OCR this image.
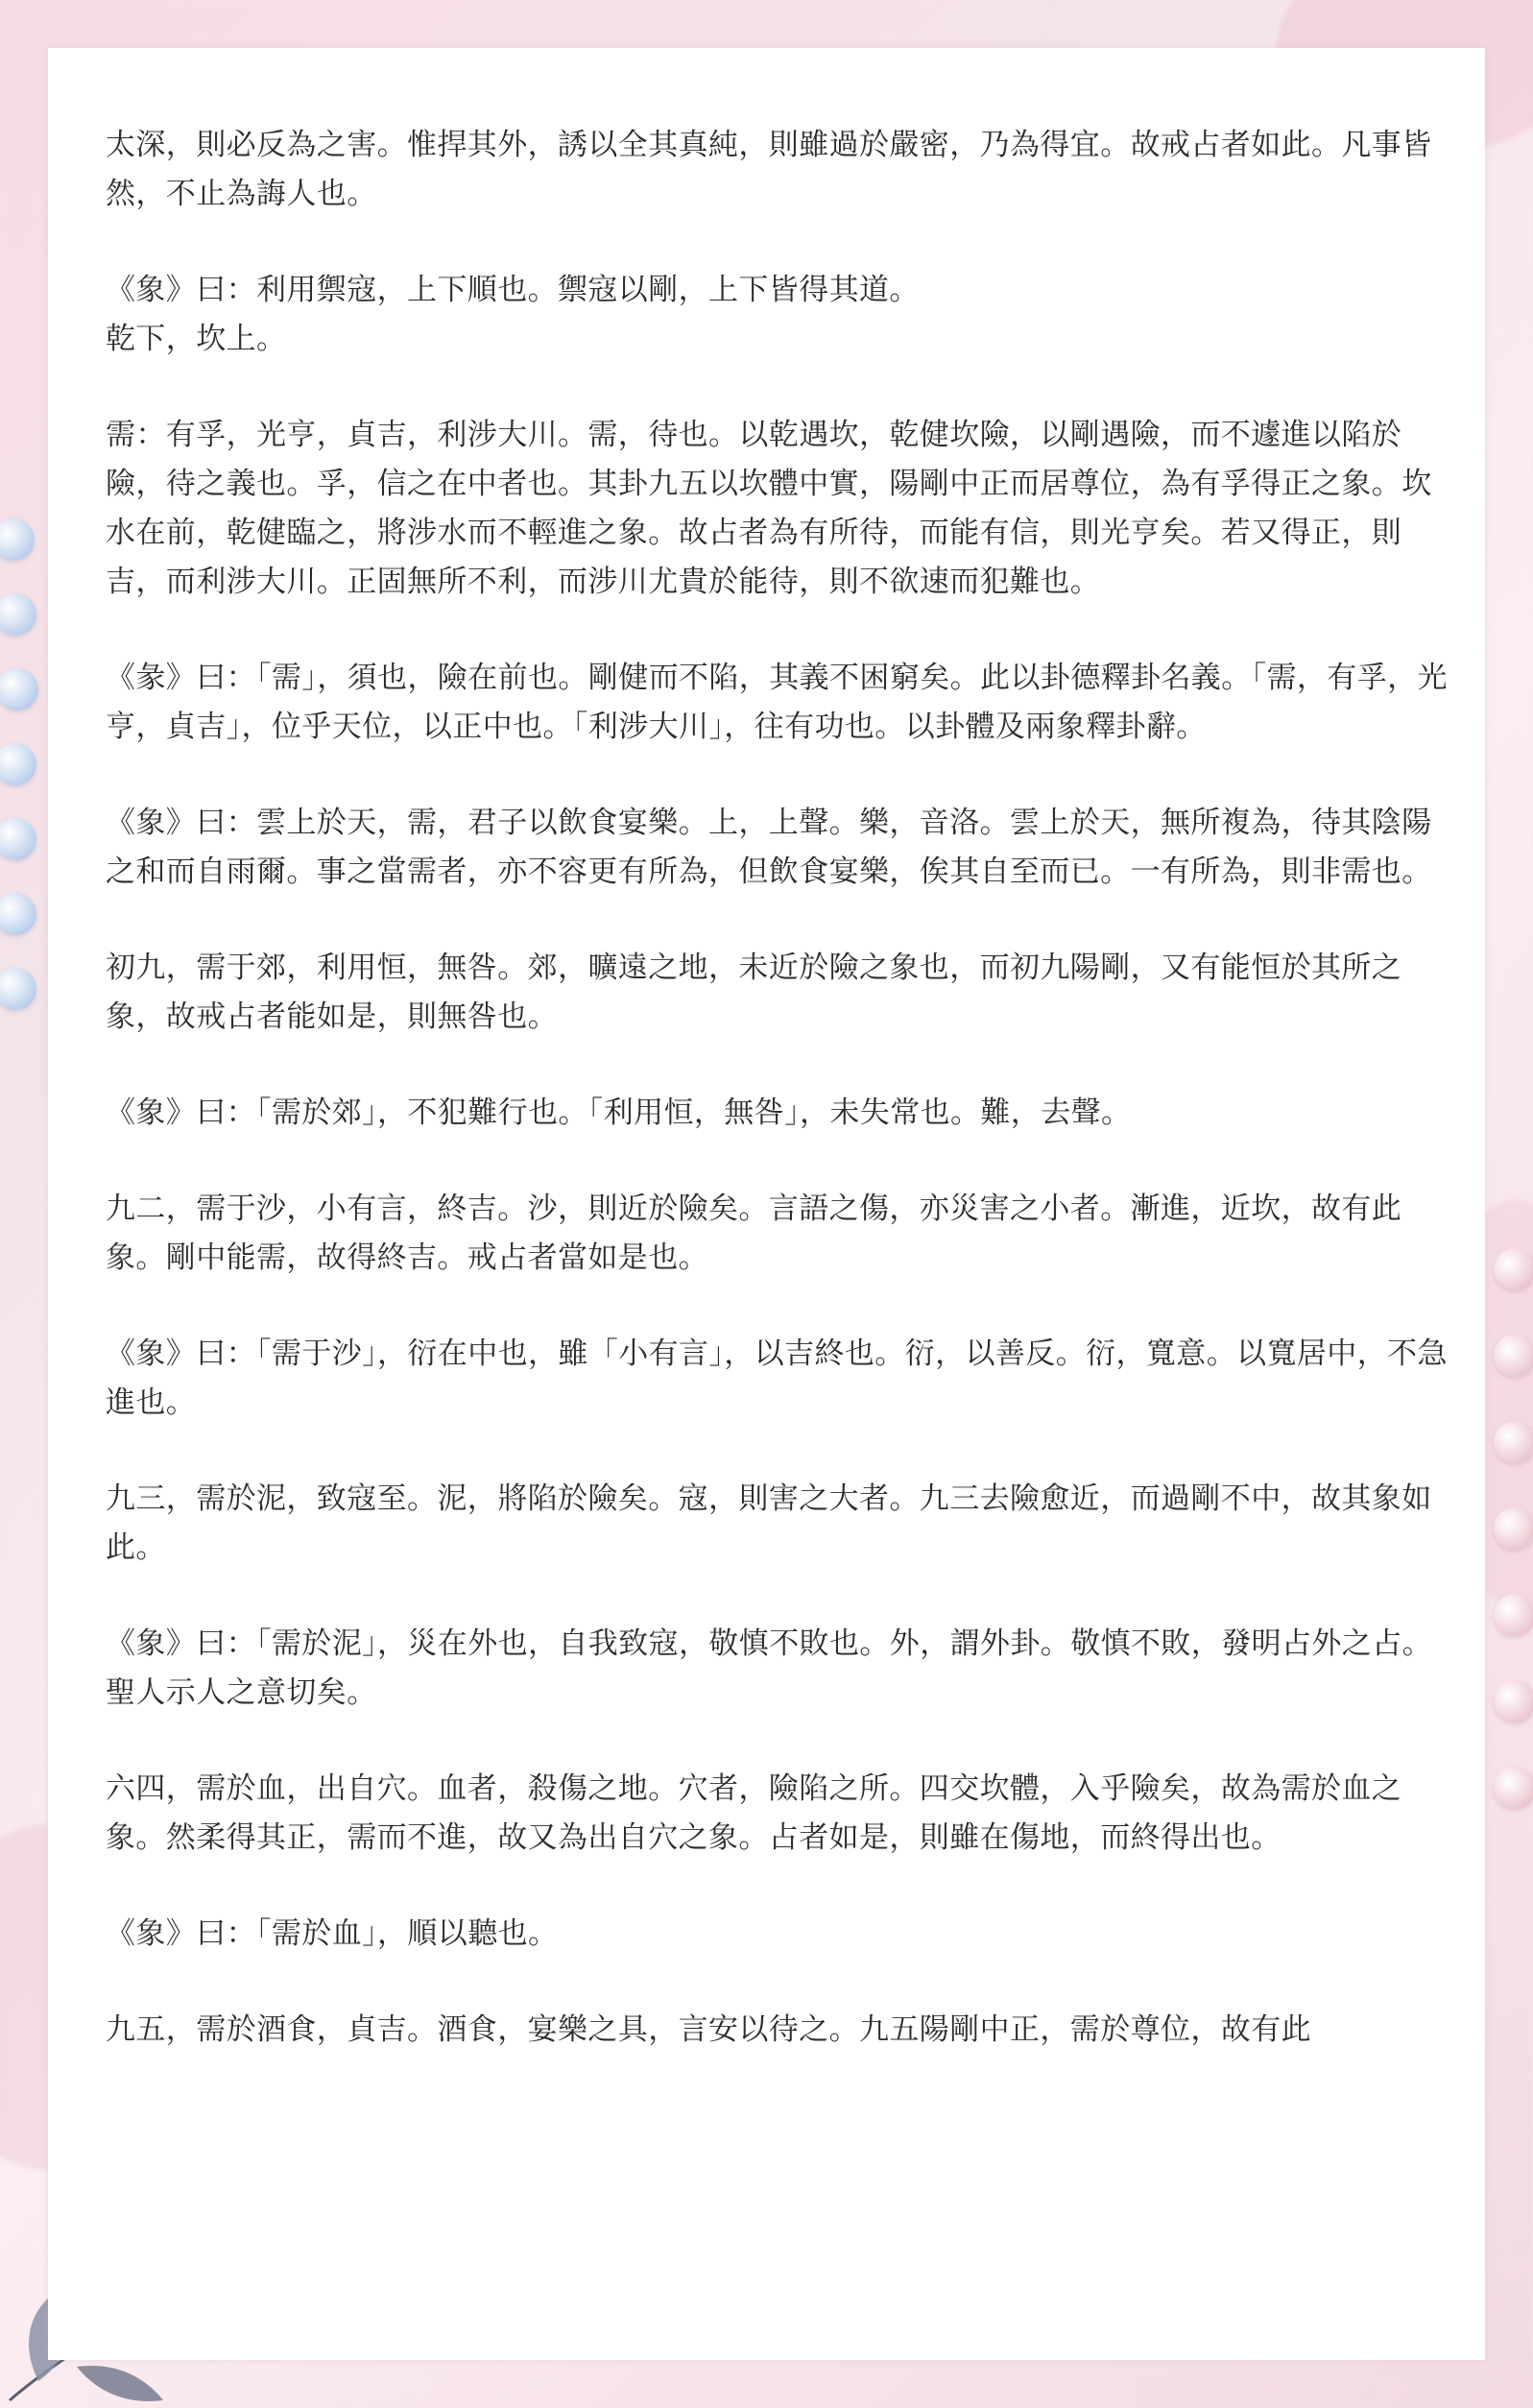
太深，則必反為之害。惟捍其外，誘以全其真純，則雖過於嚴密，乃為得宜。故戒占者如此。凡事皆然，不止為誨人也。

《象》曰：利用禦寇，上下順也。禦寇以剛，上下皆得其道。

乾下，坎上。

需：有孚，光亨，貞吉，利涉大川。需，待也。以乾遇坎，乾健坎險，以剛遇險，而不遽進以陷於險，待之義也。孚，信之在中者也。其卦九五以坎體中實，陽剛中正而居尊位，為有孚得正之象。坎水在前，乾健臨之，將涉水而不輕進之象。故占者為有所待，而能有信，則光亨矣。若又得正，則吉，而利涉大川。正固無所不利，而涉川尤貴於能待，則不欲速而犯難也。

《彖》曰：「需」，須也，險在前也。剛健而不陷，其義不困窮矣。此以卦德釋卦名義。「需，有孚，光亨，貞吉」，位乎天位，以正中也。「利涉大川」，往有功也。以卦體及兩象釋卦辭。

《象》曰：雲上於天，需，君子以飲食宴樂。上，上聲。樂，音洛。雲上於天，無所複為，待其陰陽之和而自雨爾。事之當需者，亦不容更有所為，但飲食宴樂，俟其自至而已。一有所為，則非需也。

初九，需于郊，利用恒，無咎。郊，曠遠之地，未近於險之象也，而初九陽剛，又有能恒於其所之象，故戒占者能如是，則無咎也。

《象》曰：「需於郊」，不犯難行也。「利用恒，無咎」，未失常也。難，去聲。

九二，需于沙，小有言，終吉。沙，則近於險矣。言語之傷，亦災害之小者。漸進，近坎，故有此象。剛中能需，故得終吉。戒占者當如是也。

《象》曰：「需于沙」，衍在中也，雖「小有言」，以吉終也。衍，以善反。衍，寬意。以寬居中，不急進也。

九三，需於泥，致寇至。泥，將陷於險矣。寇，則害之大者。九三去險愈近，而過剛不中，故其象如此。

《象》曰：「需於泥」，災在外也，自我致寇，敬慎不敗也。外，謂外卦。敬慎不敗，發明占外之占。聖人示人之意切矣。

六四，需於血，出自穴。血者，殺傷之地。穴者，險陷之所。四交坎體，入乎險矣，故為需於血之象。然柔得其正，需而不進，故又為出自穴之象。占者如是，則雖在傷地，而終得出也。

《象》曰：「需於血」，順以聽也。

九五，需於酒食，貞吉。酒食，宴樂之具，言安以待之。九五陽剛中正，需於尊位，故有此
